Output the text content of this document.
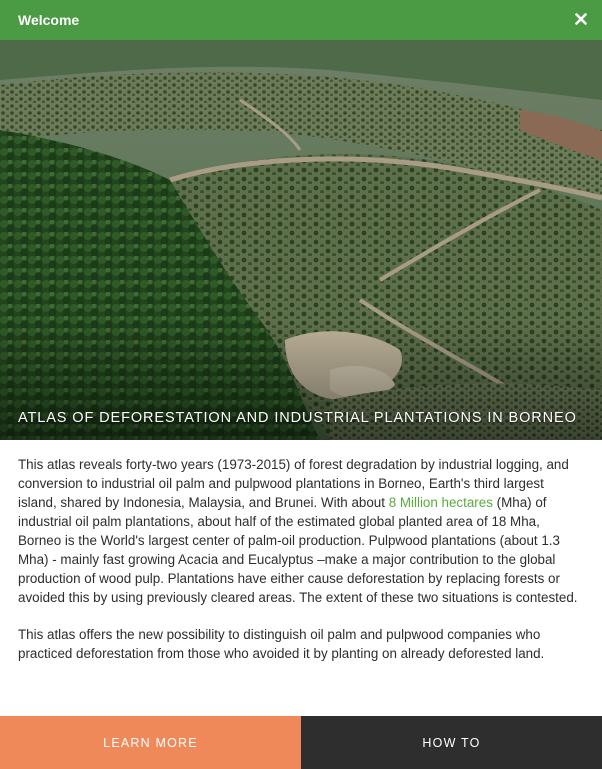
Welcome
ATLAS OF DEFORESTATION AND INDUSTRIAL PLANTATIONS IN BORNEO

This atlas reveals forty-two years (1973-2015) of forest degradation by industrial logging, and conversion to industrial oil palm and pulpwood plantations in Borneo, Earth's third largest island, shared by Indonesia, Malaysia, and Brunei. With about 8 Million hectares (Mha) of industrial oil palm plantations, about half of the estimated global planted area of 18 Mha, Borneo is the World's largest center of palm-oil production. Pulpwood plantations (about 1.3 Mha) - mainly fast growing Acacia and Eucalyptus –make a major contribution to the global production of wood pulp. Plantations have either cause deforestation by replacing forests or avoided this by using previously cleared areas. The extent of these two situations is contested.

This atlas offers the new possibility to distinguish oil palm and pulpwood companies who practiced deforestation from those who avoided it by planting on already deforested land.

LEARN MORE	HOW TO
